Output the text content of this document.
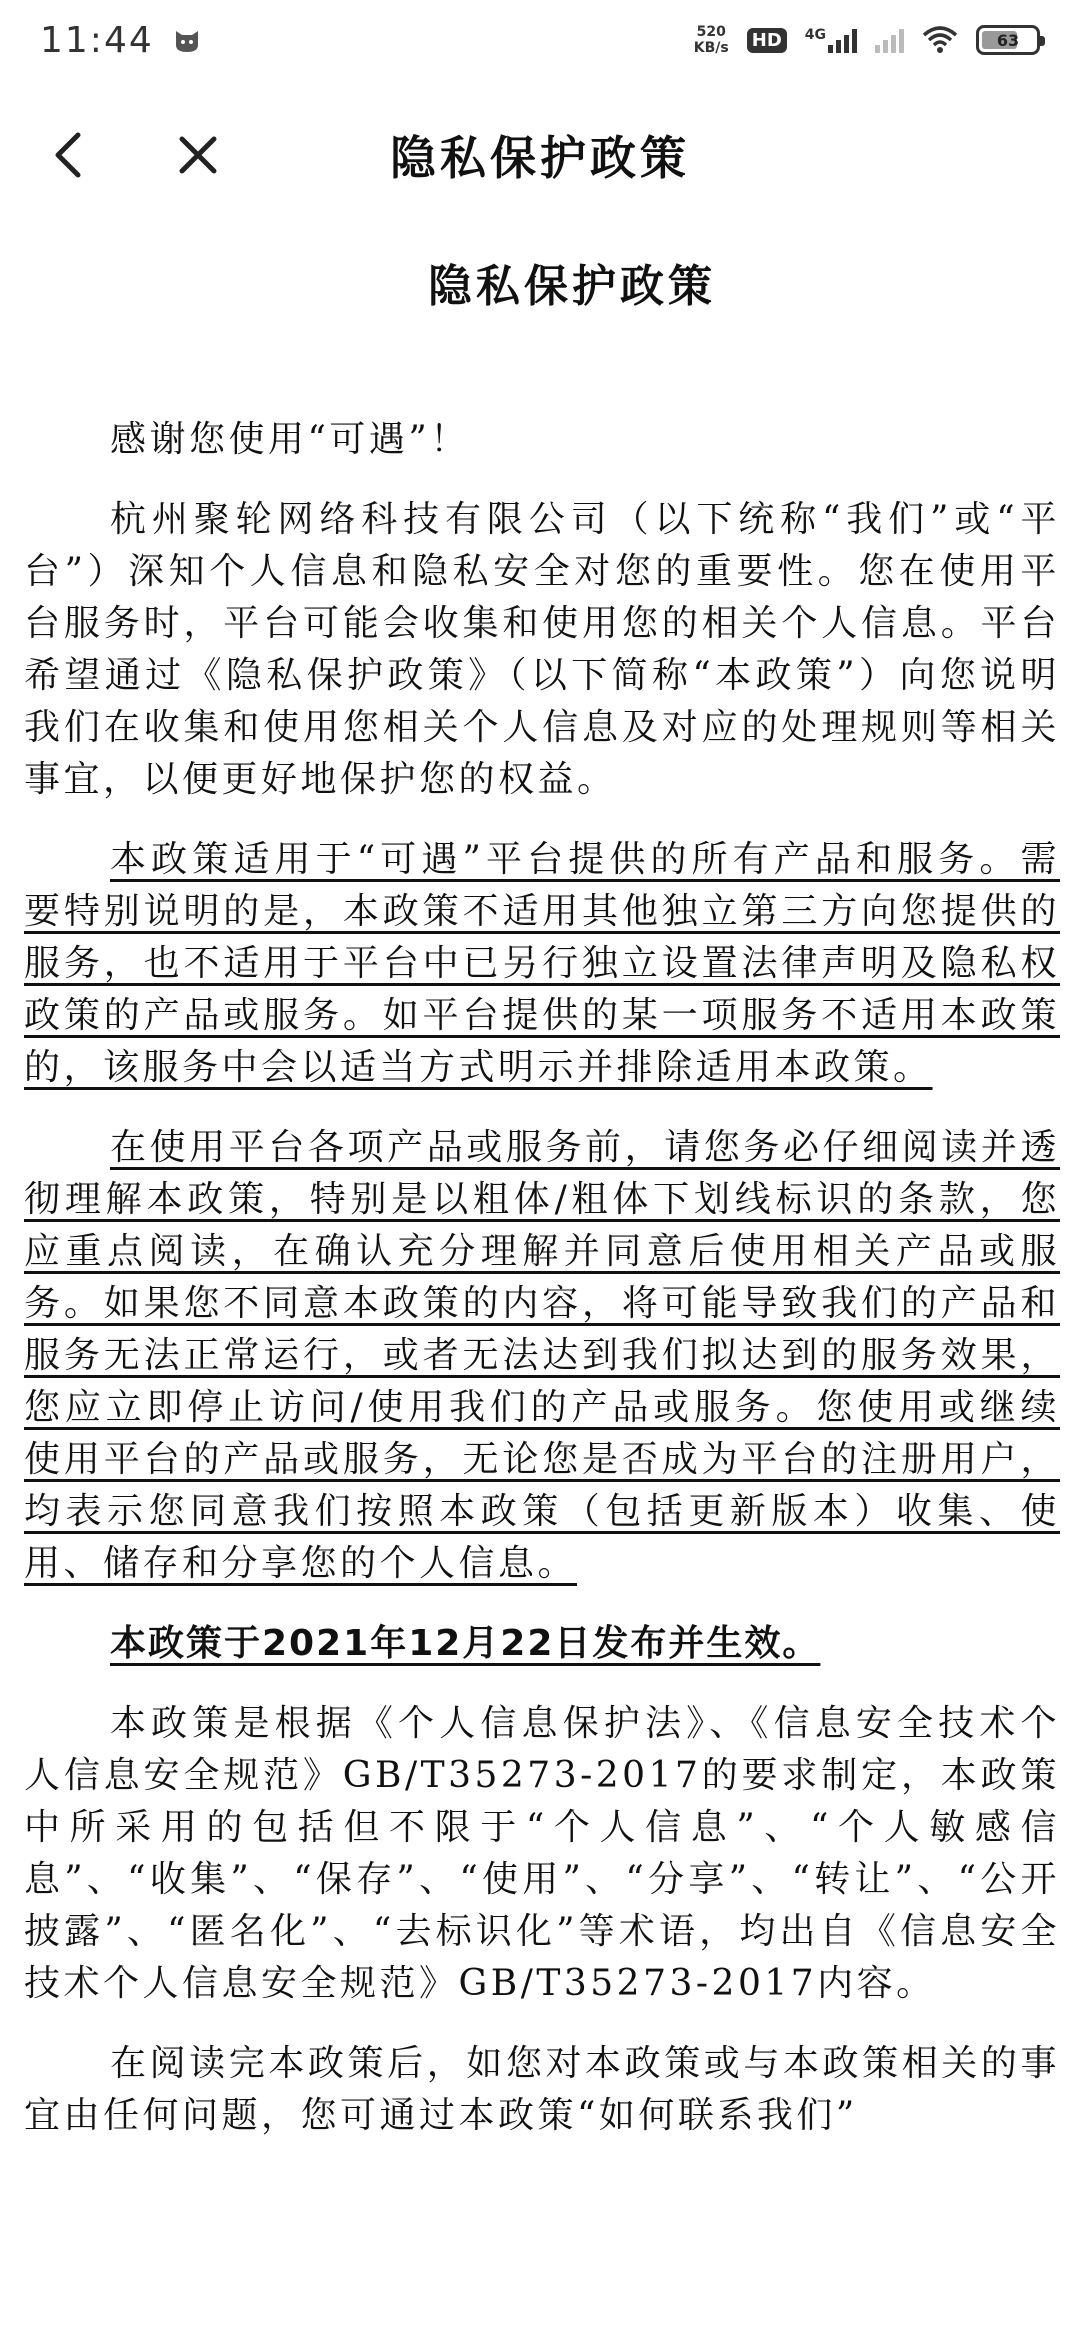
11:44	520
KB/s HD	4G	63
隐私保护政策
隐私保护政策

感谢您使用“可遇”！

杭州聚轮网络科技有限公司（以下统称“我们”或“平台”）深知个人信息和隐私安全对您的重要性。您在使用平台服务时，平台可能会收集和使用您的相关个人信息。平台希望通过《隐私保护政策》（以下简称“本政策”）向您说明我们在收集和使用您相关个人信息及对应的处理规则等相关事宜，以便更好地保护您的权益。

本政策适用于“可遇”平台提供的所有产品和服务。需要特别说明的是，本政策不适用其他独立第三方向您提供的服务，也不适用于平台中已另行独立设置法律声明及隐私权政策的产品或服务。如平台提供的某一项服务不适用本政策的，该服务中会以适当方式明示并排除适用本政策。

在使用平台各项产品或服务前，请您务必仔细阅读并透彻理解本政策，特别是以粗体/粗体下划线标识的条款，您应重点阅读，在确认充分理解并同意后使用相关产品或服务。如果您不同意本政策的内容，将可能导致我们的产品和服务无法正常运行，或者无法达到我们拟达到的服务效果，您应立即停止访问/使用我们的产品或服务。您使用或继续使用平台的产品或服务，无论您是否成为平台的注册用户，均表示您同意我们按照本政策（包括更新版本）收集、使用、储存和分享您的个人信息。

本政策于2021年12月22日发布并生效。

本政策是根据《个人信息保护法》、《信息安全技术个人信息安全规范》GB/T35273-2017的要求制定，本政策中所采用的包括但不限于“个人信息”、“个人敏感信息”、“收集”、“保存”、“使用”、“分享”、“转让”、“公开披露”、“匿名化”、“去标识化”等术语，均出自《信息安全技术个人信息安全规范》GB/T35273-2017内容。

在阅读完本政策后，如您对本政策或与本政策相关的事宜由任何问题，您可通过本政策“如何联系我们”
